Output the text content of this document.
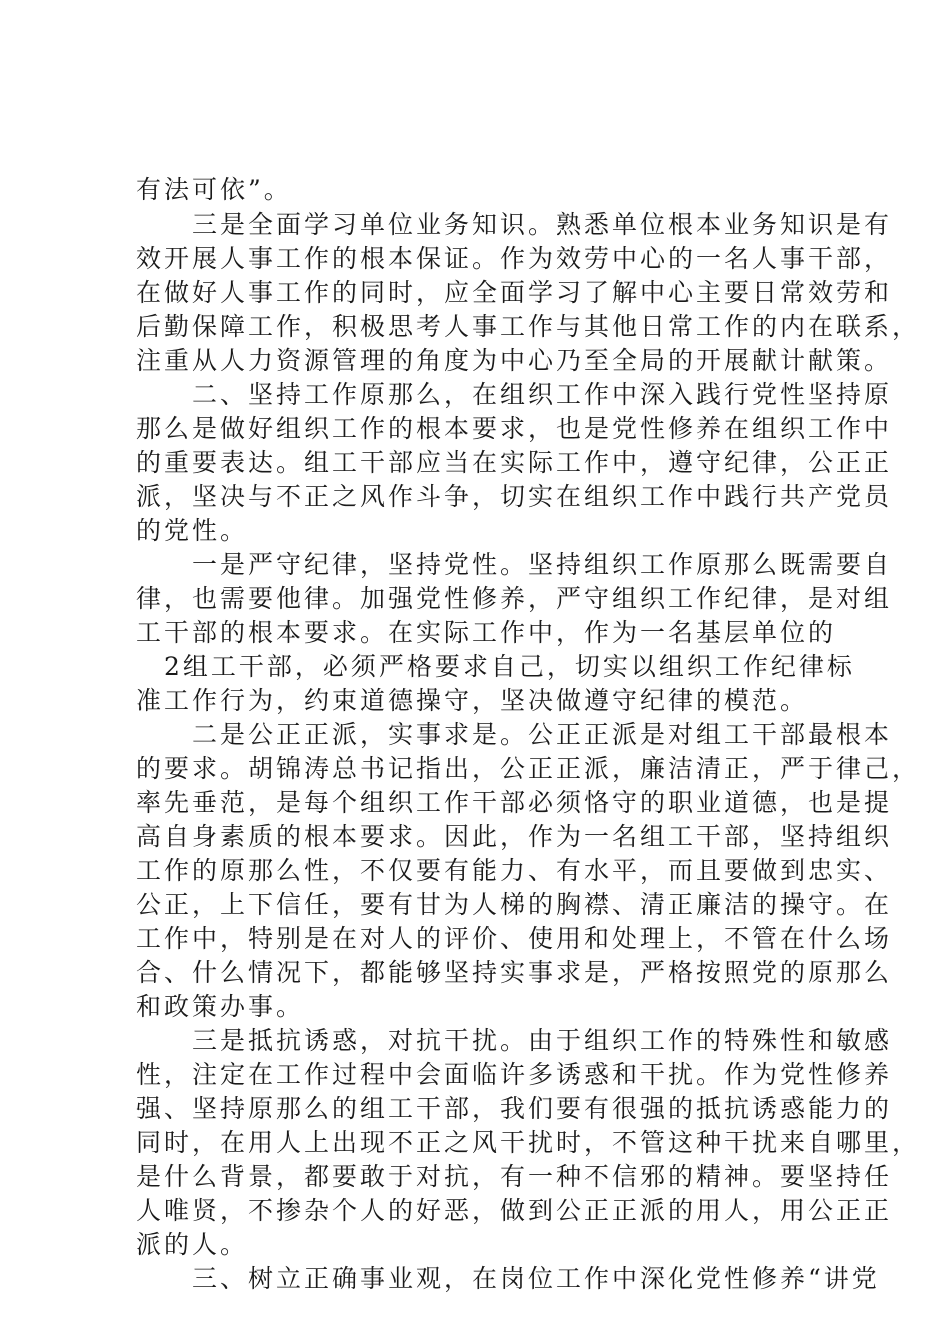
有法可依”。
　　三是全面学习单位业务知识。熟悉单位根本业务知识是有
效开展人事工作的根本保证。作为效劳中心的一名人事干部，
在做好人事工作的同时，应全面学习了解中心主要日常效劳和
后勤保障工作，积极思考人事工作与其他日常工作的内在联系，
注重从人力资源管理的角度为中心乃至全局的开展献计献策。
　　二、坚持工作原那么，在组织工作中深入践行党性坚持原
那么是做好组织工作的根本要求，也是党性修养在组织工作中
的重要表达。组工干部应当在实际工作中，遵守纪律，公正正
派，坚决与不正之风作斗争，切实在组织工作中践行共产党员
的党性。
　　一是严守纪律，坚持党性。坚持组织工作原那么既需要自
律，也需要他律。加强党性修养，严守组织工作纪律，是对组
工干部的根本要求。在实际工作中，作为一名基层单位的
　2组工干部，必须严格要求自己，切实以组织工作纪律标
准工作行为，约束道德操守，坚决做遵守纪律的模范。
　　二是公正正派，实事求是。公正正派是对组工干部最根本
的要求。胡锦涛总书记指出，公正正派，廉洁清正，严于律己，
率先垂范，是每个组织工作干部必须恪守的职业道德，也是提
高自身素质的根本要求。因此，作为一名组工干部，坚持组织
工作的原那么性，不仅要有能力、有水平，而且要做到忠实、
公正，上下信任，要有甘为人梯的胸襟、清正廉洁的操守。在
工作中，特别是在对人的评价、使用和处理上，不管在什么场
合、什么情况下，都能够坚持实事求是，严格按照党的原那么
和政策办事。
　　三是抵抗诱惑，对抗干扰。由于组织工作的特殊性和敏感
性，注定在工作过程中会面临许多诱惑和干扰。作为党性修养
强、坚持原那么的组工干部，我们要有很强的抵抗诱惑能力的
同时，在用人上出现不正之风干扰时，不管这种干扰来自哪里，
是什么背景，都要敢于对抗，有一种不信邪的精神。要坚持任
人唯贤，不掺杂个人的好恶，做到公正正派的用人，用公正正
派的人。
　　三、树立正确事业观，在岗位工作中深化党性修养“讲党
